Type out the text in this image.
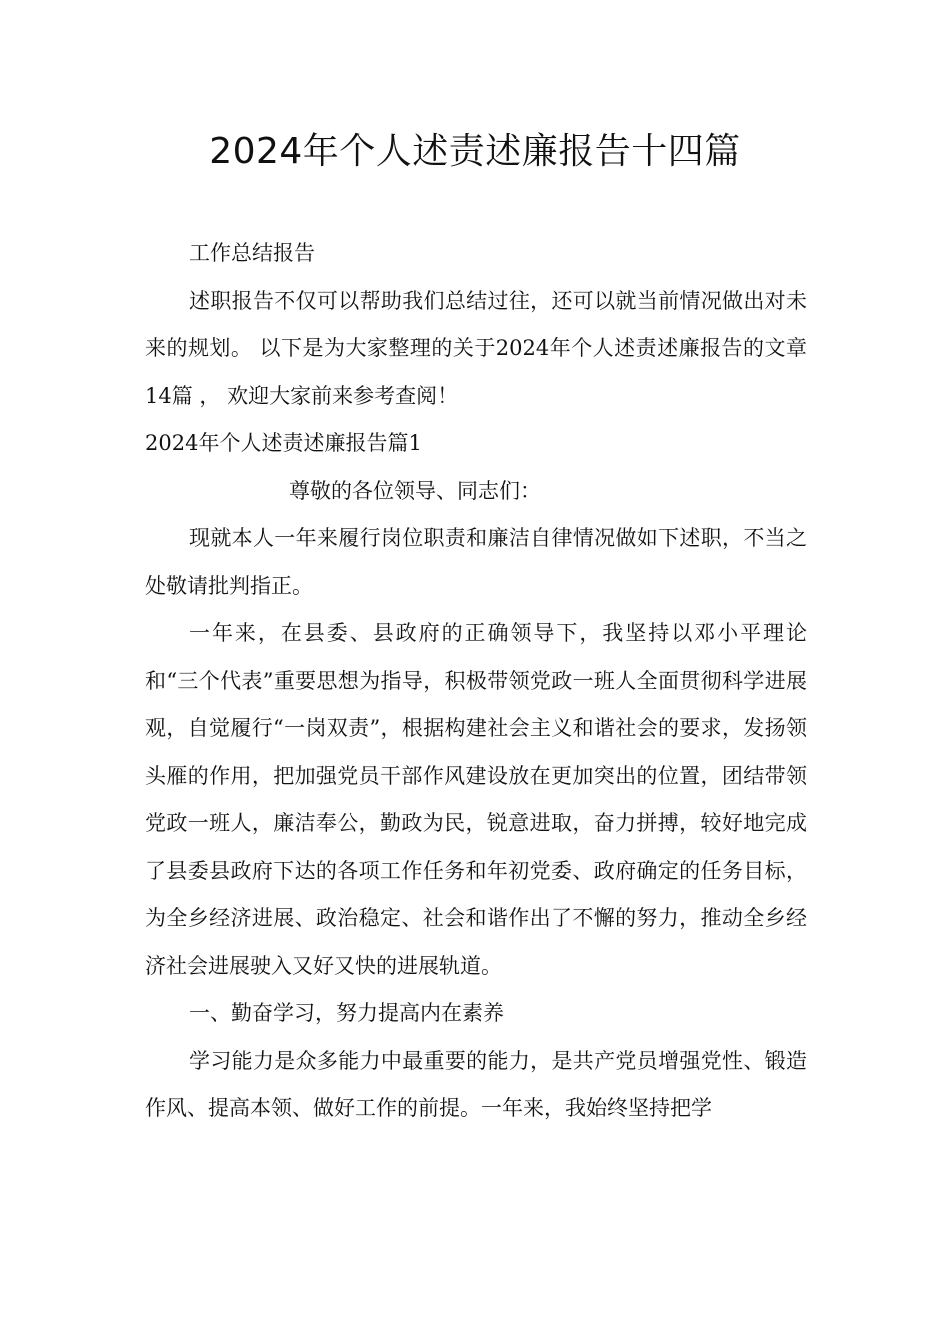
2024年个人述责述廉报告十四篇

工作总结报告

述职报告不仅可以帮助我们总结过往，还可以就当前情况做出对未来的规划。 以下是为大家整理的关于2024年个人述责述廉报告的文章14篇 ， 欢迎大家前来参考查阅！

2024年个人述责述廉报告篇1

尊敬的各位领导、同志们：

现就本人一年来履行岗位职责和廉洁自律情况做如下述职，不当之处敬请批判指正。

一年来，在县委、县政府的正确领导下，我坚持以邓小平理论和“三个代表”重要思想为指导，积极带领党政一班人全面贯彻科学进展观，自觉履行“一岗双责”，根据构建社会主义和谐社会的要求，发扬领头雁的作用，把加强党员干部作风建设放在更加突出的位置，团结带领党政一班人，廉洁奉公，勤政为民，锐意进取，奋力拼搏，较好地完成了县委县政府下达的各项工作任务和年初党委、政府确定的任务目标，为全乡经济进展、政治稳定、社会和谐作出了不懈的努力，推动全乡经济社会进展驶入又好又快的进展轨道。

一、勤奋学习，努力提高内在素养

学习能力是众多能力中最重要的能力，是共产党员增强党性、锻造作风、提高本领、做好工作的前提。一年来，我始终坚持把学
